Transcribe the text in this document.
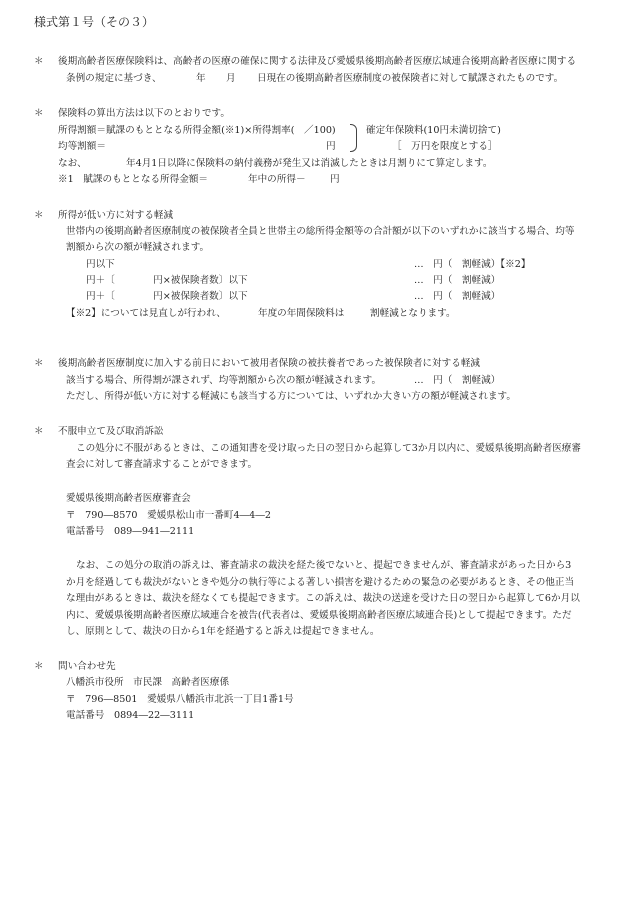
様式第１号（その３）
＊ 後期高齢者医療保険料は、高齢者の医療の確保に関する法律及び愛媛県後期高齢者医療広域連合後期高齢者医療に関する
条例の規定に基づき、	年 月 日現在の後期高齢者医療制度の被保険者に対して賦課されたものです。
＊ 保険料の算出方法は以下のとおりです。
所得割額＝賦課のもととなる所得金額(※1)×所得割率(　／100)	確定年保険料(10円未満切捨て)
均等割額＝	円	［　万円を限度とする］
なお、	年4月1日以降に保険料の納付義務が発生又は消滅したときは月割りにて算定します。
※1　賦課のもととなる所得金額＝	年中の所得－	円
＊ 所得が低い方に対する軽減
世帯内の後期高齢者医療制度の被保険者全員と世帯主の総所得金額等の合計額が以下のいずれかに該当する場合、均等
割額から次の額が軽減されます。
円以下	…　円（　割軽減）【※2】
円＋〔　　　　円×被保険者数〕以下	…　円（　割軽減）
円＋〔　　　　円×被保険者数〕以下	…　円（　割軽減）
【※2】については見直しが行われ、	年度の年間保険料は	割軽減となります。
＊ 後期高齢者医療制度に加入する前日において被用者保険の被扶養者であった被保険者に対する軽減
該当する場合、所得割が課されず、均等割額から次の額が軽減されます。	…　円（　割軽減）
ただし、所得が低い方に対する軽減にも該当する方については、いずれか大きい方の額が軽減されます。
＊ 不服申立て及び取消訴訟
この処分に不服があるときは、この通知書を受け取った日の翌日から起算して3か月以内に、愛媛県後期高齢者医療審
査会に対して審査請求することができます。
愛媛県後期高齢者医療審査会
〒　790―8570　愛媛県松山市一番町4―4―2
電話番号　089―941―2111
なお、この処分の取消の訴えは、審査請求の裁決を経た後でないと、提起できませんが、審査請求があった日から3
か月を経過しても裁決がないときや処分の執行等による著しい損害を避けるための緊急の必要があるとき、その他正当
な理由があるときは、裁決を経なくても提起できます。この訴えは、裁決の送達を受けた日の翌日から起算して6か月以
内に、愛媛県後期高齢者医療広域連合を被告(代表者は、愛媛県後期高齢者医療広域連合長)として提起できます。ただ
し、原則として、裁決の日から1年を経過すると訴えは提起できません。
＊ 問い合わせ先
八幡浜市役所　市民課　高齢者医療係
〒　796―8501　愛媛県八幡浜市北浜一丁目1番1号
電話番号　0894―22―3111
